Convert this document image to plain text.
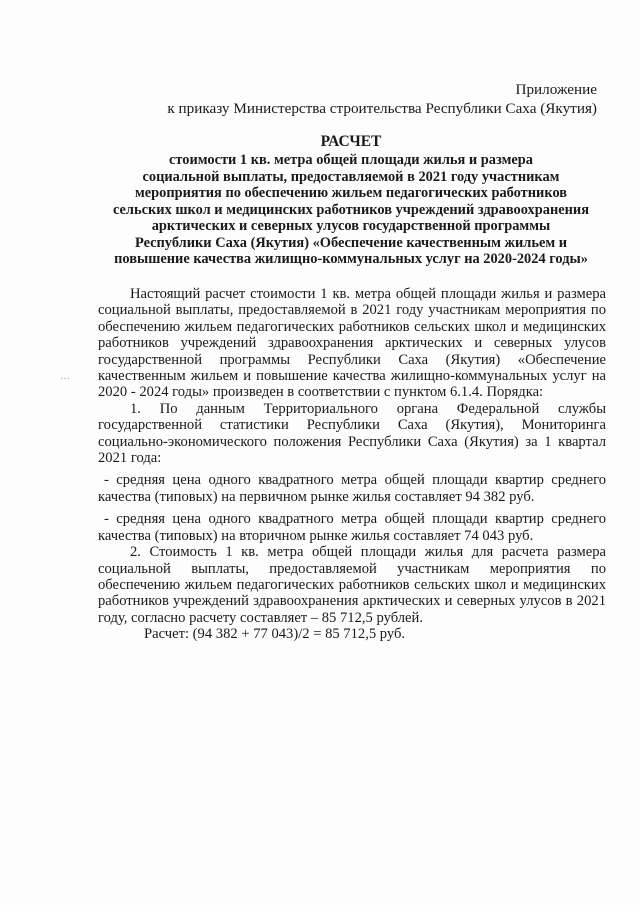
Приложение
к приказу Министерства строительства Республики Саха (Якутия)
РАСЧЕТ
стоимости 1 кв. метра общей площади жилья и размера
социальной выплаты, предоставляемой в 2021 году участникам
мероприятия по обеспечению жильем педагогических работников
сельских школ и медицинских работников учреждений здравоохранения
арктических и северных улусов государственной программы
Республики Саха (Якутия) «Обеспечение качественным жильем и
повышение качества жилищно-коммунальных услуг на 2020-2024 годы»

Настоящий расчет стоимости 1 кв. метра общей площади жилья и размера социальной выплаты, предоставляемой в 2021 году участникам мероприятия по обеспечению жильем педагогических работников сельских школ и медицинских работников учреждений здравоохранения арктических и северных улусов государственной программы Республики Саха (Якутия) «Обеспечение качественным жильем и повышение качества жилищно-коммунальных услуг на 2020 - 2024 годы» произведен в соответствии с пунктом 6.1.4. Порядка:

1. По данным Территориального органа Федеральной службы государственной статистики Республики Саха (Якутия), Мониторинга социально-экономического положения Республики Саха (Якутия) за 1 квартал 2021 года:

- средняя цена одного квадратного метра общей площади квартир среднего качества (типовых) на первичном рынке жилья составляет 94 382 руб.

- средняя цена одного квадратного метра общей площади квартир среднего качества (типовых) на вторичном рынке жилья составляет 74 043 руб.

2. Стоимость 1 кв. метра общей площади жилья для расчета размера социальной выплаты, предоставляемой участникам мероприятия по обеспечению жильем педагогических работников сельских школ и медицинских работников учреждений здравоохранения арктических и северных улусов в 2021 году, согласно расчету составляет – 85 712,5 рублей.

Расчет: (94 382 + 77 043)/2 = 85 712,5 руб.

…
